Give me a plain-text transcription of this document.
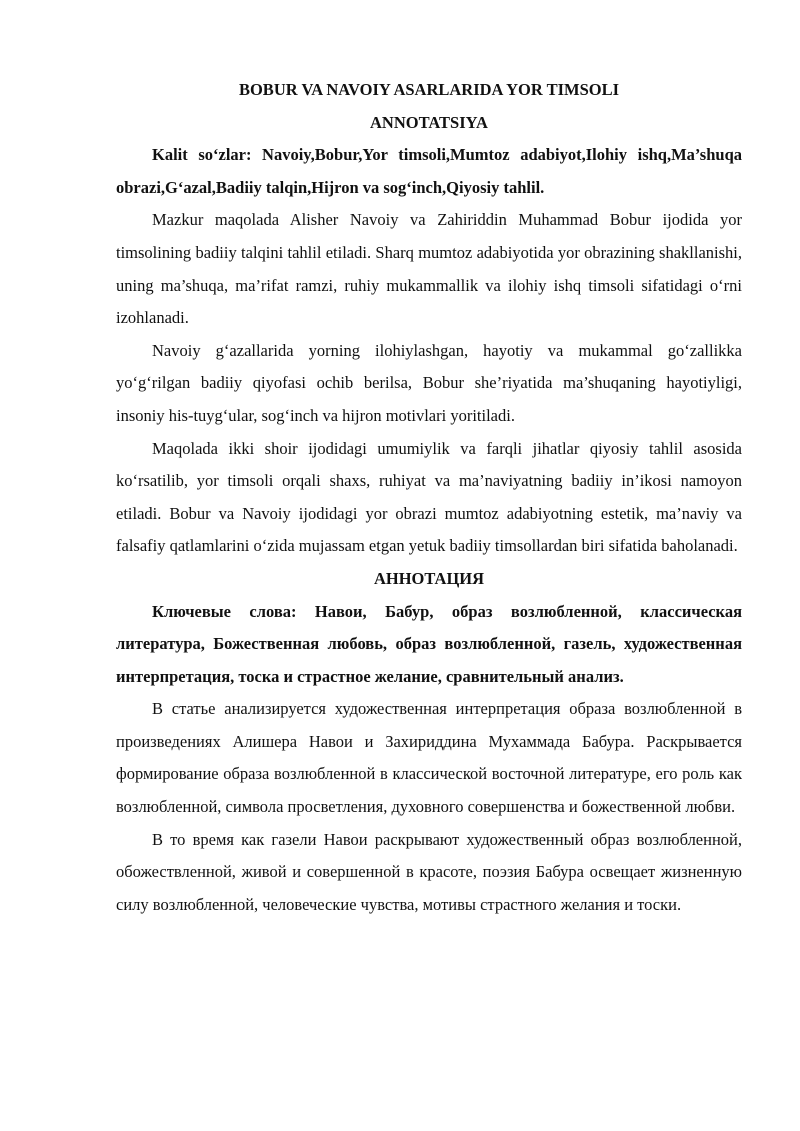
BOBUR VA NAVOIY ASARLARIDA YOR TIMSOLI
ANNOTATSIYA

Kalit so‘zlar: Navoiy,Bobur,Yor timsoli,Mumtoz adabiyot,Ilohiy ishq,Ma’shuqa obrazi,G‘azal,Badiiy talqin,Hijron va sog‘inch,Qiyosiy tahlil.

Mazkur maqolada Alisher Navoiy va Zahiriddin Muhammad Bobur ijodida yor timsolining badiiy talqini tahlil etiladi. Sharq mumtoz adabiyotida yor obrazining shakllanishi, uning ma’shuqa, ma’rifat ramzi, ruhiy mukammallik va ilohiy ishq timsoli sifatidagi o‘rni izohlanadi.

Navoiy g‘azallarida yorning ilohiylashgan, hayotiy va mukammal go‘zallikka yo‘g‘rilgan badiiy qiyofasi ochib berilsa, Bobur she’riyatida ma’shuqaning hayotiyligi, insoniy his-tuyg‘ular, sog‘inch va hijron motivlari yoritiladi.

Maqolada ikki shoir ijodidagi umumiylik va farqli jihatlar qiyosiy tahlil asosida ko‘rsatilib, yor timsoli orqali shaxs, ruhiyat va ma’naviyatning badiiy in’ikosi namoyon etiladi. Bobur va Navoiy ijodidagi yor obrazi mumtoz adabiyotning estetik, ma’naviy va falsafiy qatlamlarini o‘zida mujassam etgan yetuk badiiy timsollardan biri sifatida baholanadi.

АННОТАЦИЯ

Ключевые слова: Навои, Бабур, образ возлюбленной, классическая литература, Божественная любовь, образ возлюбленной, газель, художественная интерпретация, тоска и страстное желание, сравнительный анализ.

В статье анализируется художественная интерпретация образа возлюбленной в произведениях Алишера Навои и Захириддина Мухаммада Бабура. Раскрывается формирование образа возлюбленной в классической восточной литературе, его роль как возлюбленной, символа просветления, духовного совершенства и божественной любви.

В то время как газели Навои раскрывают художественный образ возлюбленной, обожествленной, живой и совершенной в красоте, поэзия Бабура освещает жизненную силу возлюбленной, человеческие чувства, мотивы страстного желания и тоски.
